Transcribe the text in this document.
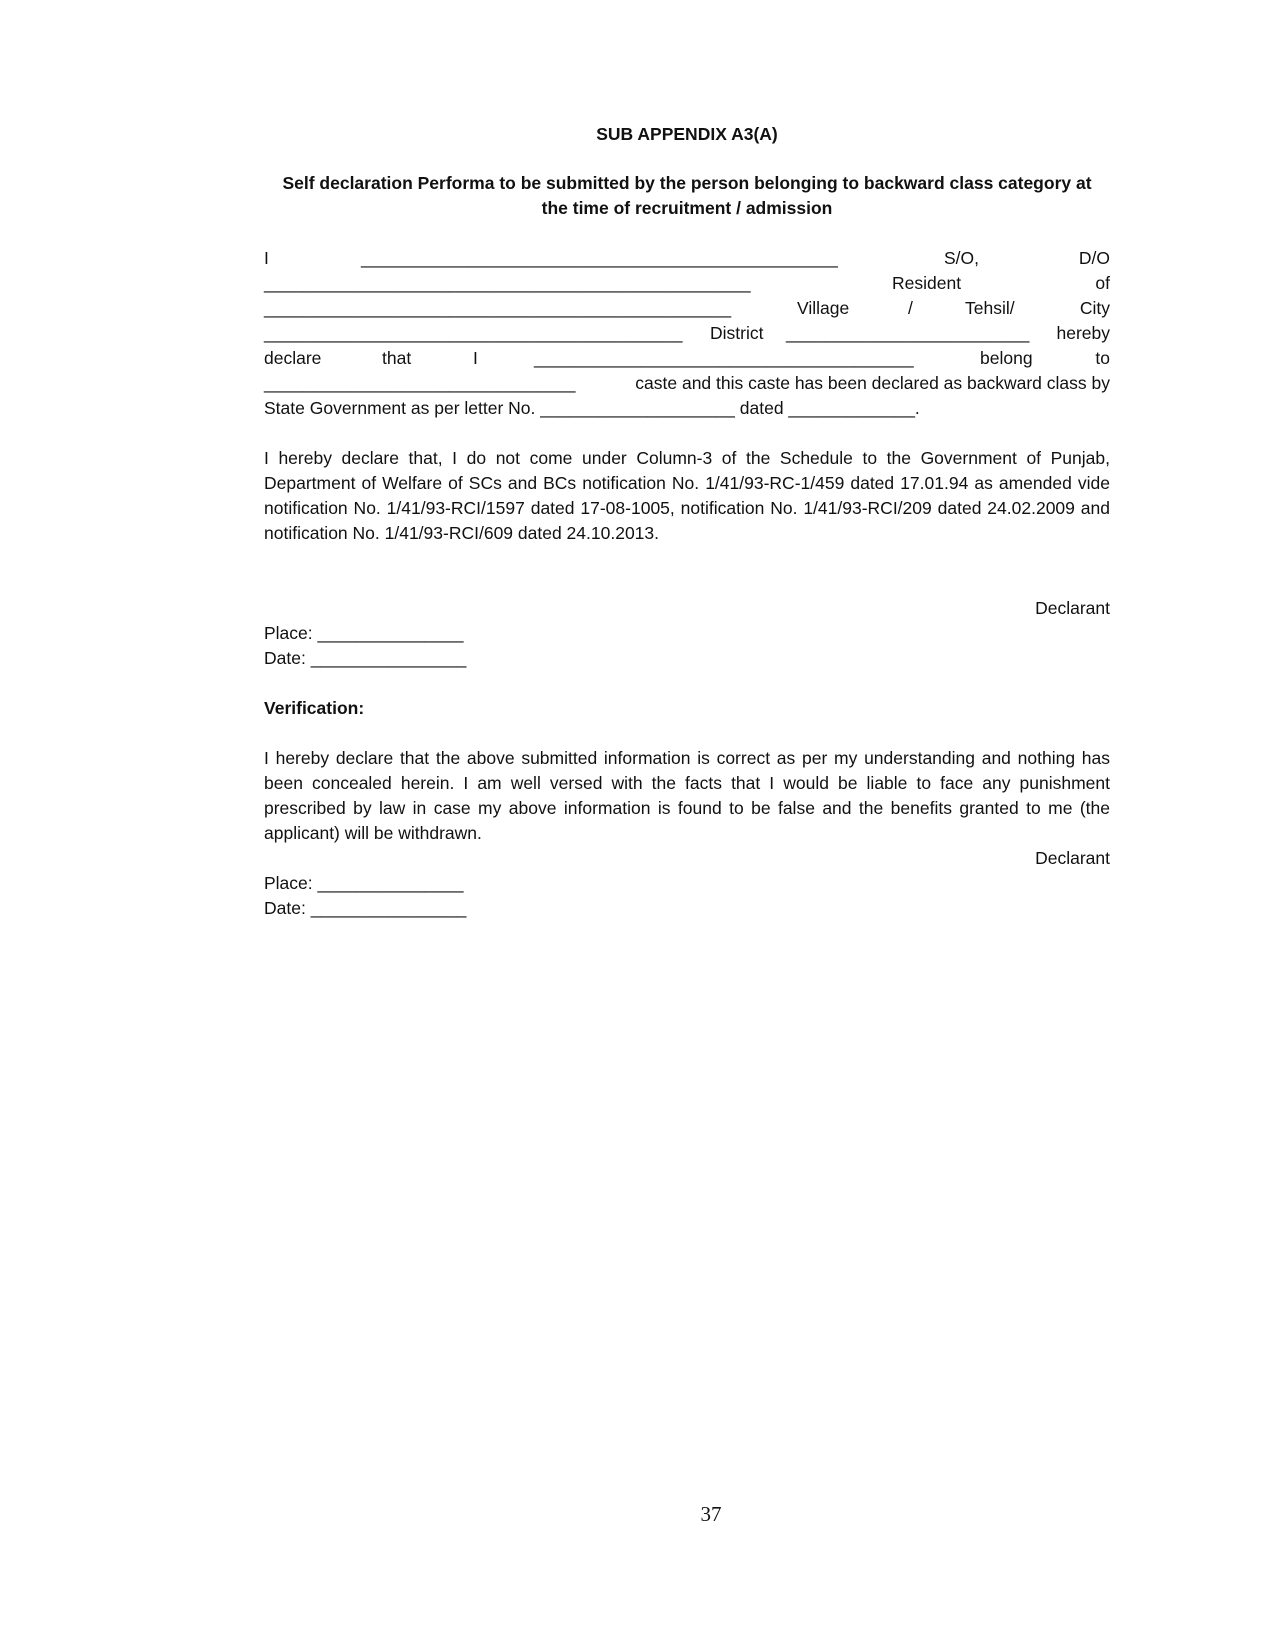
SUB APPENDIX A3(A)
Self declaration Performa to be submitted by the person belonging to backward class category at
the time of recruitment / admission
I	_________________________________________________	S/O,	D/O
__________________________________________________	Resident	of
________________________________________________	Village	/	Tehsil/	City
___________________________________________ District _________________________ hereby
declare	that	I	_______________________________________	belong	to
________________________________	caste and this caste has been declared as backward class by
State Government as per letter No. ____________________ dated _____________.
I hereby declare that, I do not come under Column-3 of the Schedule to the Government of Punjab, Department of Welfare of SCs and BCs notification No. 1/41/93-RC-1/459 dated 17.01.94 as amended vide notification No. 1/41/93-RCI/1597 dated 17-08-1005, notification No. 1/41/93-RCI/209 dated 24.02.2009 and notification No. 1/41/93-RCI/609 dated 24.10.2013.
Declarant
Place: _______________
Date: ________________
Verification:
I hereby declare that the above submitted information is correct as per my understanding and nothing has been concealed herein. I am well versed with the facts that I would be liable to face any punishment prescribed by law in case my above information is found to be false and the benefits granted to me (the applicant) will be withdrawn.
Declarant
Place: _______________
Date: ________________
37
